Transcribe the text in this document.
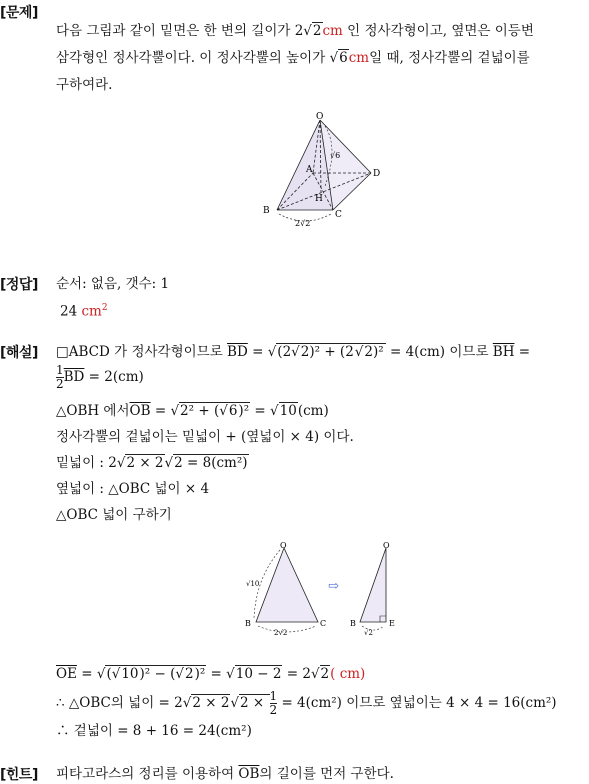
[문제]
[정답]
[해설]
[힌트]
다음 그림과 같이 밑면은 한 변의 길이가 2√2cm 인 정사각형이고, 옆면은 이등변
삼각형인 정사각뿔이다. 이 정사각뿔의 높이가 √6cm일 때, 정사각뿔의 겉넓이를
구하여라.
O
A	D
B	C
H
√6
2√2
순서: 없음, 갯수: 1
24 $cm^2$
□ABCD 가 정사각형이므로 $\overline{BD} = √(2√2)^2 + (2√2)^2 = 4(cm)$ 이므로 $\overline{BH}$ =
$\frac{1}{2} \overline{BD} = 2(cm)$
△OBH 에서$\overline{OB} = √2^2 + (√6)^2 = √10(cm)$
정사각뿔의 겉넓이는 밑넓이 + (옆넓이 × 4) 이다.
밑넓이 : 2√2 × 2√2 = 8(cm²)
옆넓이 : △OBC 넓이 × 4
△OBC 넓이 구하기
O
B	C
√10
2√2
⇨
O
B	E
√2
$\overline{OE} = √(√10)^2 - (√2)^2 = √10 - 2 = 2√2$( cm)
∴ △OBC의 넓이 = $2√2 \times 2√2 \times \frac{1}{2} = 4(cm^2)$ 이므로 옆넓이는 4 × 4 = 16(cm²)
∴ 겉넓이 = 8 + 16 = 24(cm²)
피타고라스의 정리를 이용하여 $\overline{OB}$의 길이를 먼저 구한다.
